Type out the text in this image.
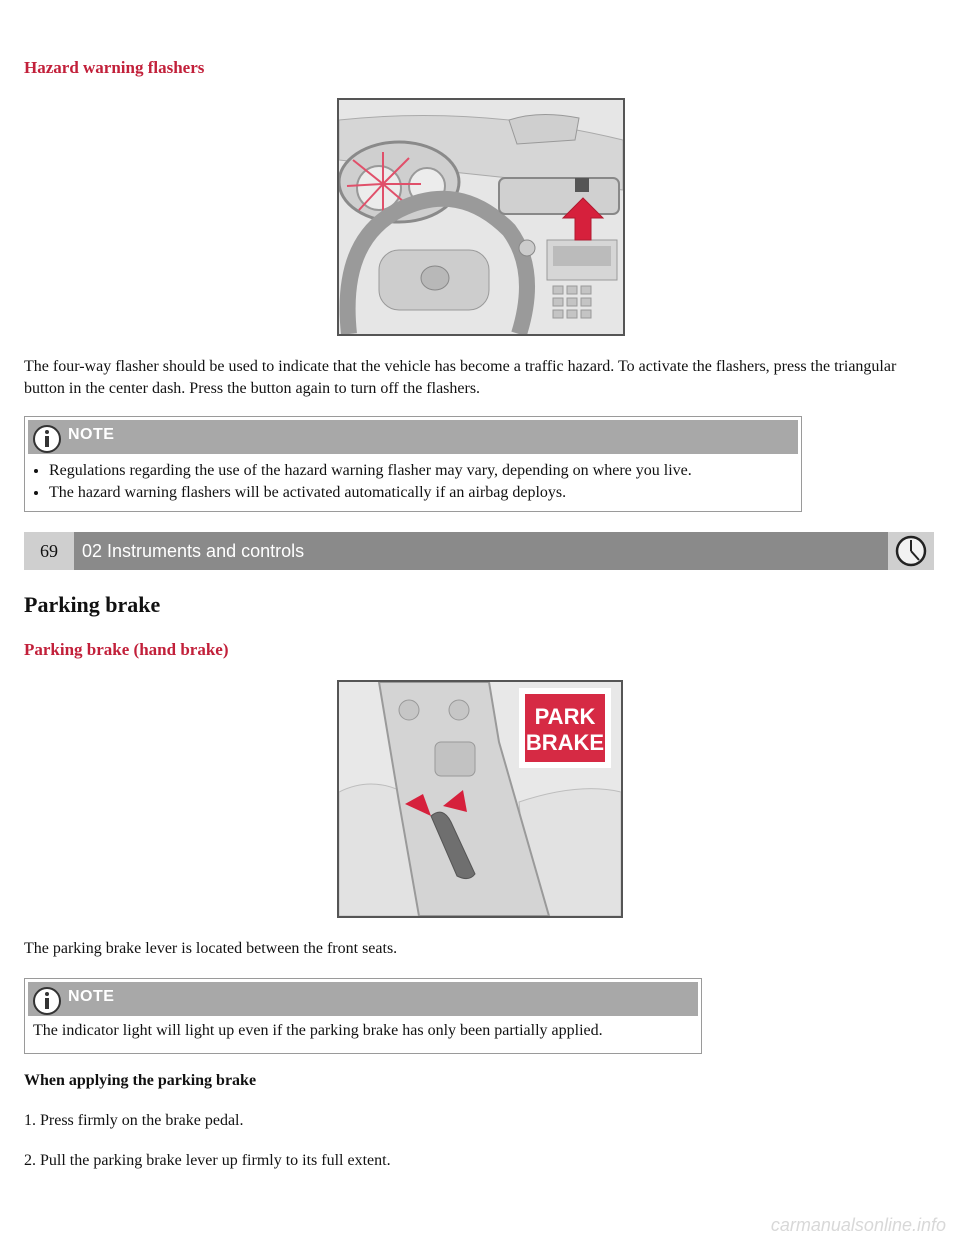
Hazard warning flashers

The four-way flasher should be used to indicate that the vehicle has become a traffic hazard. To activate the flashers, press the triangular button in the center dash. Press the button again to turn off the flashers.

NOTE
• Regulations regarding the use of the hazard warning flasher may vary, depending on where you live.
• The hazard warning flashers will be activated automatically if an airbag deploys.
69	02 Instruments and controls
Parking brake
Parking brake (hand brake)
PARK
BRAKE

The parking brake lever is located between the front seats.

NOTE
The indicator light will light up even if the parking brake has only been partially applied.
When applying the parking brake

1. Press firmly on the brake pedal.

2. Pull the parking brake lever up firmly to its full extent.

carmanualsonline.info
